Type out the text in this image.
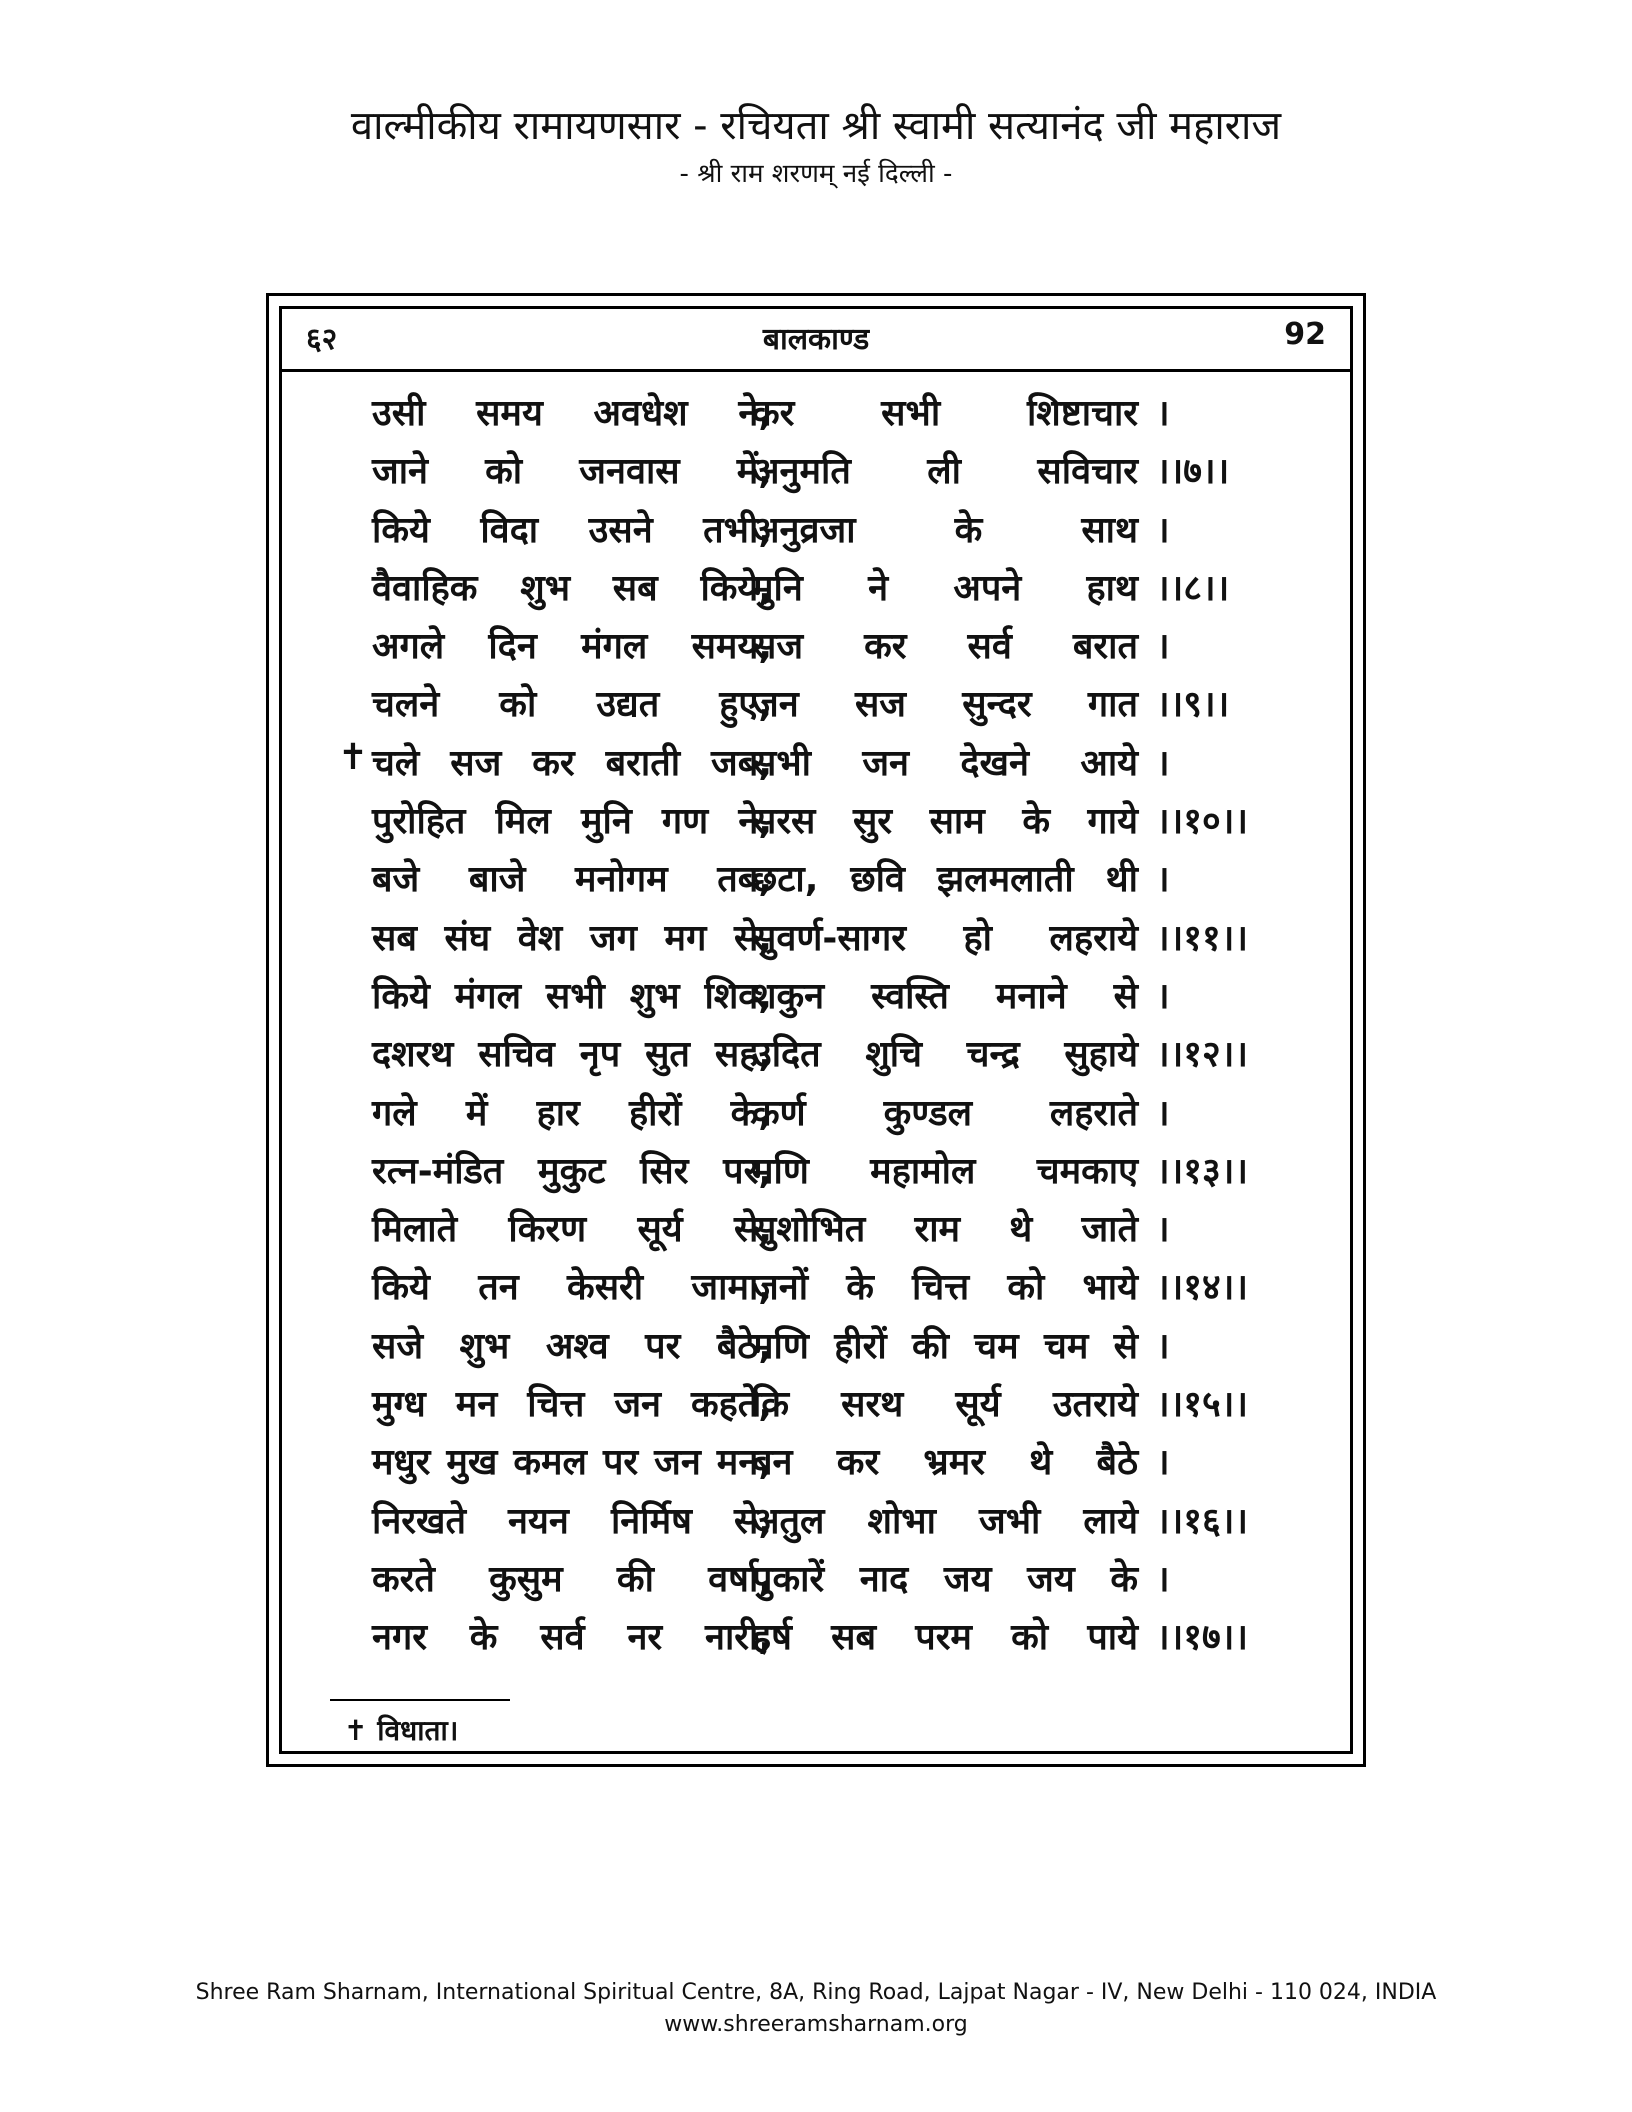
वाल्मीकीय रामायणसार - रचियता श्री स्वामी सत्यानंद जी महाराज
- श्री राम शरणम् नई दिल्ली -
६२	बालकाण्ड	92
उसी समय अवधेश ने,
कर सभी शिष्टाचार ।
जाने को जनवास में,
अनुमति ली सविचार ।।७।।
किये विदा उसने तभी,
अनुव्रजा के साथ ।
वैवाहिक शुभ सब किये,
मुनि ने अपने हाथ ।।८।।
अगले दिन मंगल समय,
सज कर सर्व बरात ।
चलने को उद्यत हुए,
जन सज सुन्दर गात ।।९।।
✝ चले सज कर बराती जब,
सभी जन देखने आये ।
पुरोहित मिल मुनि गण ने,
सरस सुर साम के गाये ।।१०।।
बजे बाजे मनोगम तब,
छटा, छवि झलमलाती थी ।
सब संघ वेश जग मग से,
सुवर्ण-सागर हो लहराये ।।११।।
किये मंगल सभी शुभ शिव,
शकुन स्वस्ति मनाने से ।
दशरथ सचिव नृप सुत सह,
उदित शुचि चन्द्र सुहाये ।।१२।।
गले में हार हीरों के,
कर्ण कुण्डल लहराते ।
रत्न-मंडित मुकुट सिर पर,
मणि महामोल चमकाए ।।१३।।
मिलाते किरण सूर्य से,
सुशोभित राम थे जाते ।
किये तन केसरी जामा,
जनों के चित्त को भाये ।।१४।।
सजे शुभ अश्व पर बैठे,
मणि हीरों की चम चम से ।
मुग्ध मन चित्त जन कहते,
कि सरथ सूर्य उतराये ।।१५।।
मधुर मुख कमल पर जन मन,
बन कर भ्रमर थे बैठे ।
निरखते नयन निर्मिष से,
अतुल शोभा जभी लाये ।।१६।।
करते कुसुम की वर्षा,
पुकारें नाद जय जय के ।
नगर के सर्व नर नारी,
हर्ष सब परम को पाये ।।१७।।
✝ विधाता।
Shree Ram Sharnam, International Spiritual Centre, 8A, Ring Road, Lajpat Nagar - IV, New Delhi - 110 024, INDIA
www.shreeramsharnam.org
